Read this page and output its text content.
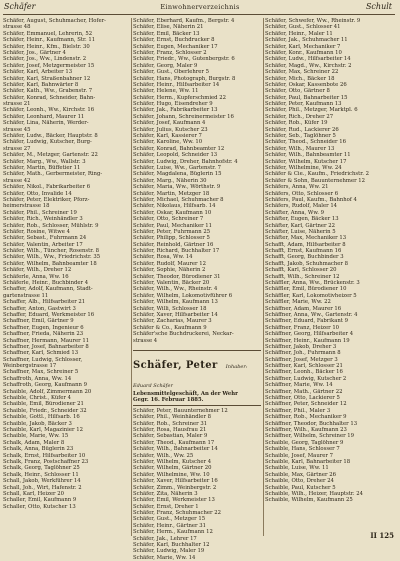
Schäfer	Einwohnerverzeichnis	Schult
Schäfer, August, Schuhmacher, Hofer-
strasse 48
Schäfer, Emmanuel, Lehrerin, 52
Schäfer, Heinr., Kaufmann, Str. 11
Schäfer, Heinr., Kfm., Bielstr. 30
Schäfer, Jos., Gärtner 4
Schäfer, Jos., Ww., Lindenstr. 2
Schäfer, Josef, Metzgermeister 15
Schäfer, Karl, Arbeiter 13
Schäfer, Karl, Straßenbahner 12
Schäfer, Karl, Bahnwärter 8
Schäfer, Kath., Ww., Grabenstr. 7
Schäfer, Konrad, Schneider, Bahn-
strasse 21
Schäfer, Leonh., Ww., Kirchstr. 16
Schäfer, Leonhard, Maurer 11
Schäfer, Lina, Näherin, Werder-
strasse 45
Schäfer, Ludw., Bäcker, Hauptstr. 8
Schäfer, Ludwig, Kutscher, Burg-
strasse 27
Schäfer, M., Metzger, Gartenstr. 22
Schäfer, Marg., Ww., Wallstr. 3
Schäfer, Martin, Büffetier 11
Schäfer, Math., Gerbermeister, Ring-
strasse 42
Schäfer, Nikol., Fabrikarbeiter 6
Schäfer, Otto, Invalide 14
Schäfer, Peter, Elektriker, Pforz-
heimerstrasse 18
Schäfer, Phil., Schreiner 19
Schäfer, Rich., Weinhändler 3
Schäfer, Rob., Schlosser, Mühlstr. 9
Schäfer, Rosine, Witwe 4
Schäfer, Sebast., Fuhrmann 24
Schäfer, Valentin, Arbeiter 17
Schäfer, Wilh., Tüncher, Rosenstr. 8
Schäfer, Wilh., Ww., Friedrichstr. 35
Schäfer, Wilhelm, Bahnbeamter 18
Schäfer, Wilh., Dreher 12
Schäferle, Anna, Ww. 16
Schäferle, Heinr., Buchbinder 4
Schaffer, Adolf, Kaufmann, Stadt-
gartenstrasse 11
Schaffer, Alb., Hilfsarbeiter 21
Schaffer, Anton, Gastwirt 3
Schaffer, Eduard, Werkmeister 16
Schaffner, Emil, Gärtner 9
Schaffner, Eugen, Ingenieur 6
Schaffner, Frieda, Näherin 23
Schaffner, Hermann, Maurer 11
Schaffner, Josef, Bahnarbeiter 8
Schaffner, Karl, Schmied 13
Schaffner, Ludwig, Schlosser,
Weinbergstrasse 17
Schaffner, Max, Schreiner 5
Schaffroth, Anna, Ww. 14
Schaffroth, Georg, Kaufmann 9
Schaible, Adolf, Zimmermann 20
Schaible, Christ., Küfer 4
Schaible, Emil, Bürodiener 21
Schaible, Friedr., Schneider 32
Schaible, Gottl., Hilfsarb. 16
Schaible, Jakob, Bäcker 3
Schaible, Karl, Magazinier 12
Schaible, Marie, Ww. 15
Schalk, Adam, Maler 8
Schalk, Anna, Büglerin 23
Schalk, Ernst, Hilfsarbeiter 10
Schalk, Franz, Postschaffner 23
Schalk, Georg, Taglöhner 25
Schalk, Heinr., Schlosser 11
Schall, Jakob, Werkführer 14
Schall, Joh., Wirt, Hafenstr. 2
Schall, Karl, Heizer 20
Schaller, Emil, Kaufmann 9
Schaller, Otto, Kutscher 13
Schäfer, Eberhard, Kaufm., Bergstr. 4
Schäfer, Elise, Näherin 21
Schäfer, Emil, Bäcker 13
Schäfer, Ernst, Buchdrucker 8
Schäfer, Eugen, Mechaniker 17
Schäfer, Franz, Schlosser 2
Schäfer, Friedr., Ww., Gutenbergstr. 6
Schäfer, Georg, Maler 9
Schäfer, Gust., Oberlehrer 5
Schäfer, Hans, Photograph, Burgstr. 8
Schäfer, Heinr., Hilfsarbeiter 14
Schäfer, Helene, Ww. 11
Schäfer, Herm., Kupferschmied 22
Schäfer, Hugo, Eisendreher 9
Schäfer, Jak., Fabrikarbeiter 13
Schäfer, Johann, Schreinermeister 16
Schäfer, Josef, Kaufmann 4
Schäfer, Julius, Kutscher 23
Schäfer, Karl, Kassierer 7
Schäfer, Karoline, Ww. 10
Schäfer, Konrad, Bahnbeamter 12
Schäfer, Leopold, Schneider 13
Schäfer, Ludwig, Dreher, Bahnhofstr. 4
Schäfer, Luise, Ww., Gartenstr. 7
Schäfer, Magdalena, Büglerin 15
Schäfer, Marg., Näherin 30
Schäfer, Maria, Ww., Wörthstr. 9
Schäfer, Martin, Metzger 18
Schäfer, Michael, Schuhmacher 8
Schäfer, Nikolaus, Hilfsarb. 14
Schäfer, Oskar, Kaufmann 10
Schäfer, Otto, Schreiner 7
Schäfer, Paul, Mechaniker 11
Schäfer, Peter, Fuhrmann 25
Schäfer, Philipp, Schlosser 5
Schäfer, Reinhold, Gärtner 16
Schäfer, Richard, Buchhalter 17
Schäfer, Rosa, Ww. 14
Schäfer, Rudolf, Maurer 12
Schäfer, Sophie, Näherin 2
Schäfer, Theodor, Bürodiener 31
Schäfer, Valentin, Bäcker 20
Schäfer, Wilh., Ww., Rheinstr. 4
Schäfer, Wilhelm, Lokomotivführer 6
Schäfer, Wilhelm, Kaufmann 13
Schäfer, Willi, Schlosser 18
Schäfer, Xaver, Hilfsarbeiter 14
Schäfer, Zacharias, Maurer 3
Schäfer & Co., Kaufmann 9
Schäfer'sche Buchdruckerei, Neckar-
strasse 4
Schäfer, Schwefer, Ww., Rheinstr. 9
Schäfer, Gust., Schlosser 41
Schäfer, Heinr., Maler 11
Schäfer, Jak., Schuhmacher 11
Schäfer, Karl, Mechaniker 7
Schäfer, Konr., Kaufmann 10
Schäfer, Ludw., Hilfsarbeiter 14
Schäfer, Magd., Ww., Kirchstr. 2
Schäfer, Max, Schreiner 22
Schäfer, Mich., Bäcker 18
Schäfer, Oskar, Kassenbote 26
Schäfer, Otto, Gärtner 8
Schäfer, Paul, Bahnarbeiter 15
Schäfer, Peter, Kaufmann 13
Schäfer, Phil., Metzger, Marktpl. 6
Schäfer, Rich., Dreher 27
Schäfer, Rob., Küfer 19
Schäfer, Rud., Lackierer 26
Schäfer, Seb., Taglöhner 5
Schäfer, Theod., Schneider 16
Schäfer, Wilh., Maurer 13
Schäfer, Wilh., Bahnbeamter 11
Schäfer, Wilhelm, Kutscher 17
Schäfer, Wilhelmine, Ww. 24
Schäfer & Cie., Kaufm., Friedrichstr. 2
Schäfer & Sohn, Bauunternehmer 12
Schäfers, Anna, Ww. 21
Schäfers, Otto, Schlosser 6
Schäfers, Paul, Kaufm., Bahnhof 4
Schäfers, Rudolf, Maler 14
Schäfter, Anna, Ww. 9
Schäfter, Eugen, Bäcker 13
Schäfter, Karl, Gärtner 22
Schäfter, Luise, Näherin 5
Schäfter, Max, Mechaniker 13
Schafft, Adam, Hilfsarbeiter 8
Schafft, Ernst, Kaufmann 16
Schafft, Georg, Buchbinder 3
Schafft, Jakob, Schuhmacher 8
Schafft, Karl, Schlosser 20
Schafft, Wilh., Schreiner 12
Schäffler, Anna, Ww., Brückenstr. 3
Schäffler, Emil, Bürodiener 10
Schäffler, Karl, Lokomotivheizer 5
Schäffler, Marie, Ww. 22
Schäffner, Adam, Maurer 16
Schäffner, Anna, Ww., Gartenstr. 4
Schäffner, Eduard, Fabrikant 9
Schäffner, Franz, Heizer 10
Schäffner, Georg, Hilfsarbeiter 4
Schäffner, Heinr., Kaufmann 19
Schäffner, Jakob, Dreher 3
Schäffner, Joh., Fuhrmann 8
Schäffner, Josef, Metzger 3
Schäffner, Karl, Schlosser 21
Schäffner, Leonh., Bäcker 16
Schäffner, Ludwig, Kutscher 2
Schäffner, Marie, Ww. 14
Schäffner, Math., Gärtner 22
Schäffner, Otto, Lackierer 5
Schäffner, Peter, Schneider 12
Schäffner, Phil., Maler 3
Schäffner, Rob., Mechaniker 9
Schäffner, Theodor, Buchhalter 13
Schäffner, Wilh., Kaufmann 23
Schäffner, Wilhelm, Schreiner 19
Schaible, Georg, Taglöhner 9
Schaible, Hans, Schlosser 7
Schaible, Josef, Maurer 7
Schaible, Karl, Bahnarbeiter 18
Schaible, Luise, Ww. 11
Schaible, Max, Gärtner 26
Schaible, Otto, Dreher 24
Schaible, Paul, Kutscher 5
Schaible, Wilh., Heizer, Hauptstr. 24
Schaible, Wilhelm, Kaufmann 25
Schäfer, Peter Inhaber: Eduard Schäfer
Lebensmittelgeschäft, An der Wehr
Gegr. 16. Februar 1885.
Schäfer, Peter, Bauunternehmer 12
Schäfer, Phil., Weinhändler 8
Schäfer, Rob., Schreiner 31
Schäfer, Rosa, Hausfrau 21
Schäfer, Sebastian, Maler 9
Schäfer, Theod., Kaufmann 17
Schäfer, Wilh., Bahnarbeiter 14
Schäfer, Wilh., Ww. 25
Schäfer, Wilhelm, Kutscher 4
Schäfer, Wilhelm, Gärtner 20
Schäfer, Wilhelmine, Ww. 10
Schäfer, Xaver, Hilfsarbeiter 16
Schäfer, Zimm., Weinbergstr. 2
Schäfer, Zita, Näherin 3
Schäfer, Emil, Werkmeister 13
Schäfer, Ernst, Dreher 1
Schäfer, Franz, Schuhmacher 22
Schäfer, Gust., Metzger 15
Schäfer, Heinr., Gärtner 31
Schäfer, Herm., Kaufmann 12
Schäfer, Jak., Lehrer 17
Schäfer, Karl, Buchhalter 12
Schäfer, Ludwig, Maler 19
Schäfer, Marie, Ww. 14
II 125
